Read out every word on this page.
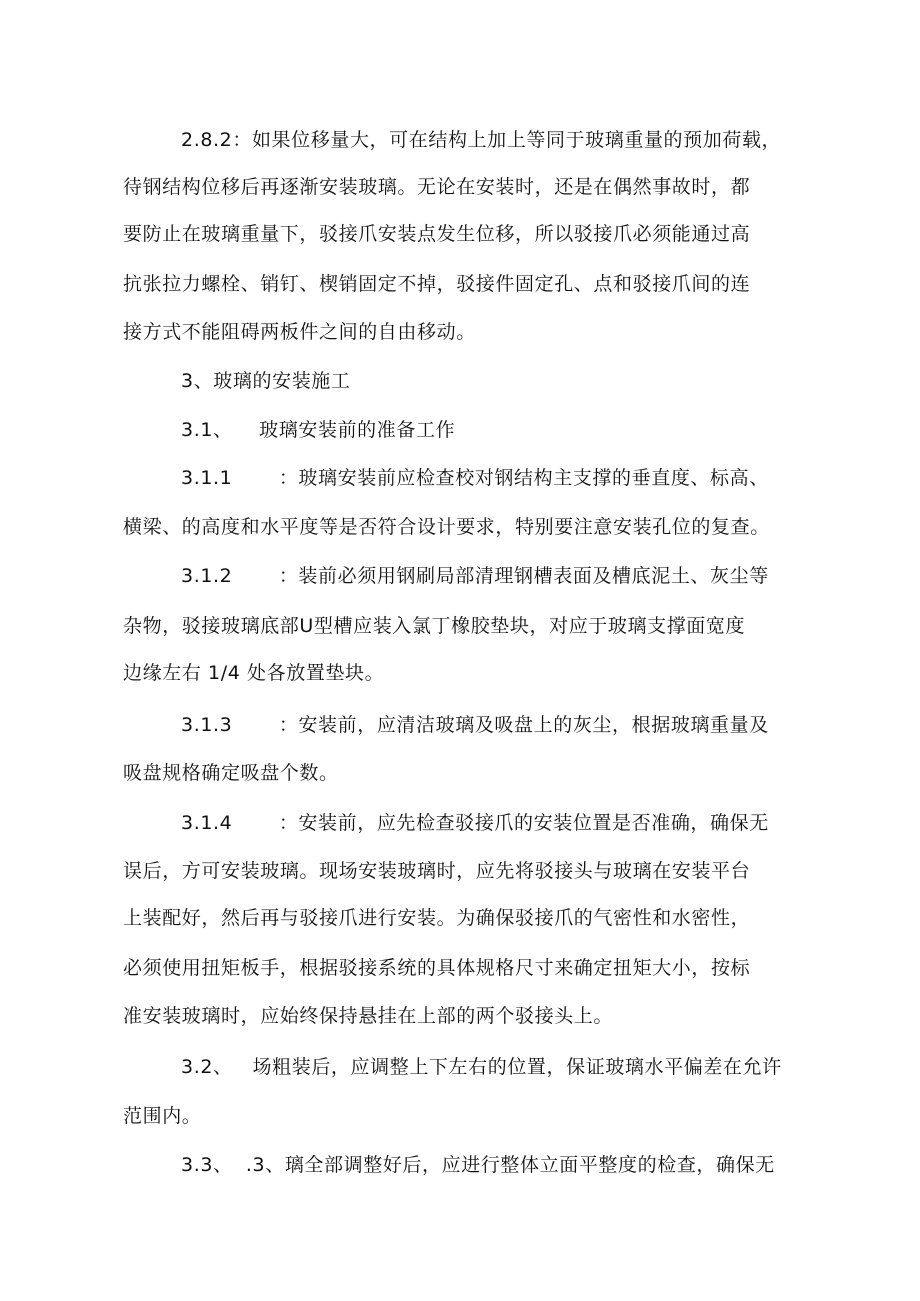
2.8.2：如果位移量大，可在结构上加上等同于玻璃重量的预加荷载，
待钢结构位移后再逐渐安装玻璃。无论在安装时，还是在偶然事故时，都
要防止在玻璃重量下，驳接爪安装点发生位移，所以驳接爪必须能通过高
抗张拉力螺栓、销钉、楔销固定不掉，驳接件固定孔、点和驳接爪间的连
接方式不能阻碍两板件之间的自由移动。
3、玻璃的安装施工
3.1、    玻璃安装前的准备工作
3.1.1       ：玻璃安装前应检查校对钢结构主支撑的垂直度、标高、
横梁、的高度和水平度等是否符合设计要求，特别要注意安装孔位的复查。
3.1.2       ：装前必须用钢刷局部清理钢槽表面及槽底泥土、灰尘等
杂物，驳接玻璃底部U型槽应装入氯丁橡胶垫块，对应于玻璃支撑面宽度
边缘左右 1/4 处各放置垫块。
3.1.3       ：安装前，应清洁玻璃及吸盘上的灰尘，根据玻璃重量及
吸盘规格确定吸盘个数。
3.1.4       ：安装前，应先检查驳接爪的安装位置是否准确，确保无
误后，方可安装玻璃。现场安装玻璃时，应先将驳接头与玻璃在安装平台
上装配好，然后再与驳接爪进行安装。为确保驳接爪的气密性和水密性，
必须使用扭矩板手，根据驳接系统的具体规格尺寸来确定扭矩大小，按标
准安装玻璃时，应始终保持悬挂在上部的两个驳接头上。
3.2、   场粗装后，应调整上下左右的位置，保证玻璃水平偏差在允许
范围内。
3.3、  .3、璃全部调整好后，应进行整体立面平整度的检查，确保无
